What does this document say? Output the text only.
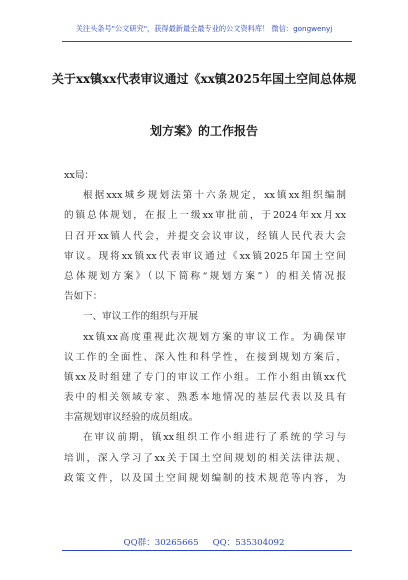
关注头条号"公文研究"，获得最新最全最专业的公文资料库！ 微信：gongwenyj
关于xx镇xx代表审议通过《xx镇2025年国土空间总体规
划方案》的工作报告
xx局：
根据xxx城乡规划法第十六条规定，xx镇xx组织编制
的镇总体规划，在报上一级xx审批前，于2024年xx月xx
日召开xx镇人代会，并提交会议审议，经镇人民代表大会
审议。现将xx镇xx代表审议通过《xx镇2025年国土空间
总体规划方案》（以下简称“规划方案”）的相关情况报
告如下：
一、审议工作的组织与开展
xx镇xx高度重视此次规划方案的审议工作。为确保审
议工作的全面性、深入性和科学性，在接到规划方案后，
镇xx及时组建了专门的审议工作小组。工作小组由镇xx代
表中的相关领域专家、熟悉本地情况的基层代表以及具有
丰富规划审议经验的成员组成。
在审议前期，镇xx组织工作小组进行了系统的学习与
培训，深入学习了xx关于国土空间规划的相关法律法规、
政策文件，以及国土空间规划编制的技术规范等内容，为
QQ群：30265665 QQ：535304092
